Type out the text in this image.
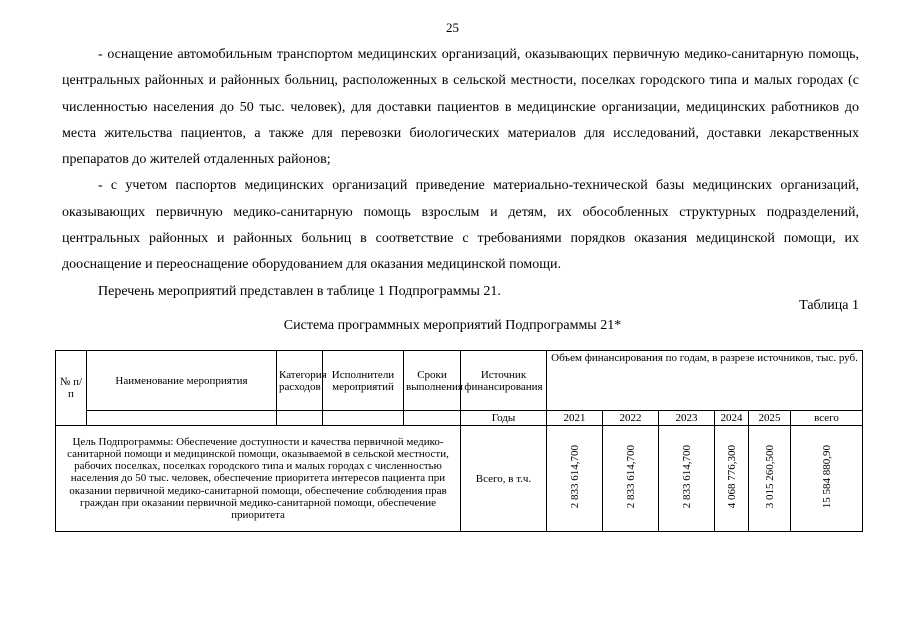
25

- оснащение автомобильным транспортом медицинских организаций, оказывающих первичную медико-санитарную помощь, центральных районных и районных больниц, расположенных в сельской местности, поселках городского типа и малых городах (с численностью населения до 50 тыс. человек), для доставки пациентов в медицинские организации, медицинских работников до места жительства пациентов, а также для перевозки биологических материалов для исследований, доставки лекарственных препаратов до жителей отдаленных районов;

- с учетом паспортов медицинских организаций приведение материально-технической базы медицинских организаций, оказывающих первичную медико-санитарную помощь взрослым и детям, их обособленных структурных подразделений, центральных районных и районных больниц в соответствие с требованиями порядков оказания медицинской помощи, их дооснащение и переоснащение оборудованием для оказания медицинской помощи.

Перечень мероприятий представлен в таблице 1 Подпрограммы 21.

Таблица 1
Система программных мероприятий Подпрограммы 21*
№ п/п	Наименование мероприятия	Категория расходов	Исполнители мероприятий	Сроки выполнения	Источник финансирования	Объем финансирования по годам, в разрезе источников, тыс. руб.					
					Годы	2021	2022	2023	2024	2025	всего
Цель Подпрограммы: Обеспечение доступности и качества первичной медико-санитарной помощи и медицинской помощи, оказываемой в сельской местности, рабочих поселках, поселках городского типа и малых городах с численностью населения до 50 тыс. человек, обеспечение приоритета интересов пациента при оказании первичной медико-санитарной помощи, обеспечение соблюдения прав граждан при оказании первичной медико-санитарной помощи, обеспечение приоритета					Всего, в т.ч.	2 833 614,700	2 833 614,700	2 833 614,700	4 068 776,300	3 015 260,500	15 584 880,90
